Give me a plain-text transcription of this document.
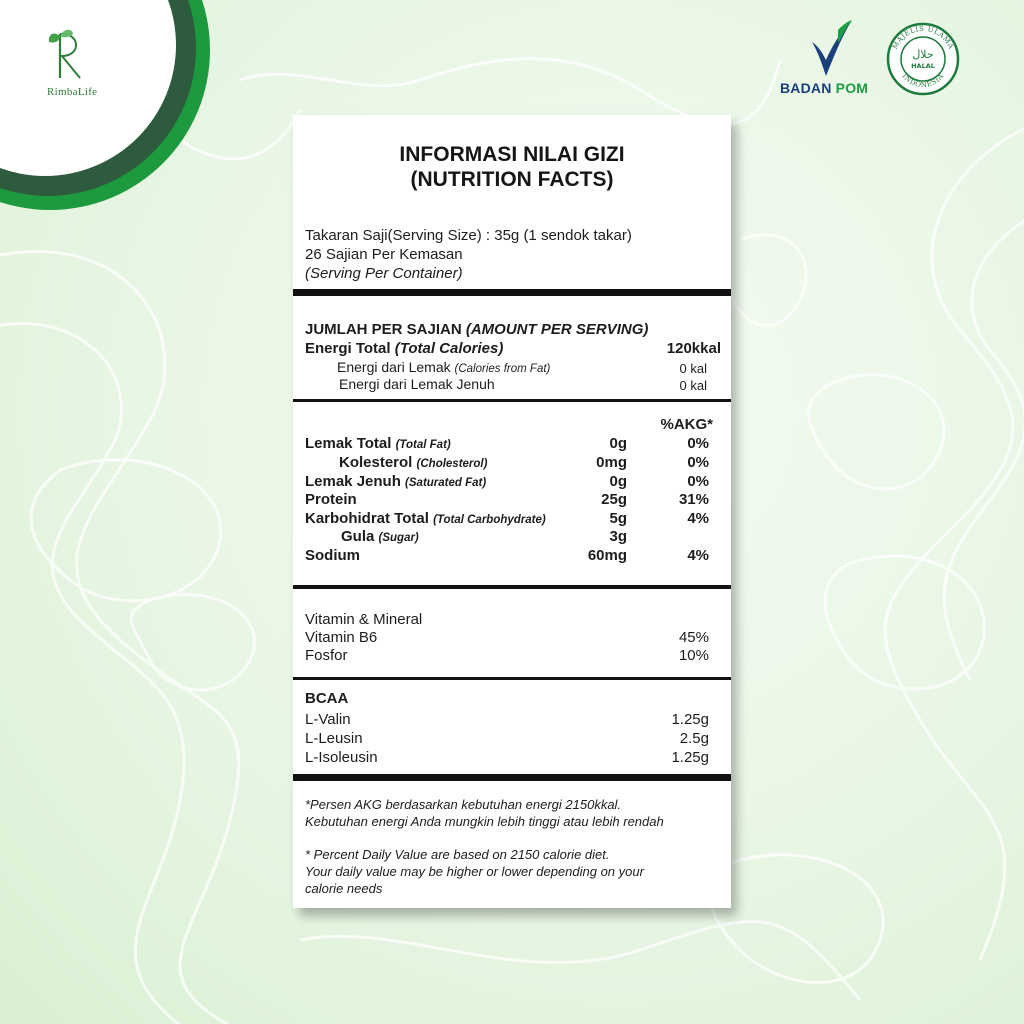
RimbaLife	BADAN POM
MAJELIS ULAMA
INDONESIA
حلال
HALAL
INFORMASI NILAI GIZI
(NUTRITION FACTS)
Takaran Saji(Serving Size) : 35g (1 sendok takar)
26 Sajian Per Kemasan
(Serving Per Container)
JUMLAH PER SAJIAN (AMOUNT PER SERVING)
Energi Total (Total Calories)	120kkal
Energi dari Lemak (Calories from Fat)	0 kal
Energi dari Lemak Jenuh	0 kal
%AKG*
Lemak Total (Total Fat)	0g	0%
Kolesterol (Cholesterol)	0mg	0%
Lemak Jenuh (Saturated Fat)	0g	0%
Protein	25g	31%
Karbohidrat Total (Total Carbohydrate)	5g	4%
Gula (Sugar)	3g
Sodium	60mg	4%
Vitamin & Mineral
Vitamin B6	45%
Fosfor	10%
BCAA
L-Valin	1.25g
L-Leusin	2.5g
L-Isoleusin	1.25g
*Persen AKG berdasarkan kebutuhan energi 2150kkal.
Kebutuhan energi Anda mungkin lebih tinggi atau lebih rendah
* Percent Daily Value are based on 2150 calorie diet.
Your daily value may be higher or lower depending on your
calorie needs
